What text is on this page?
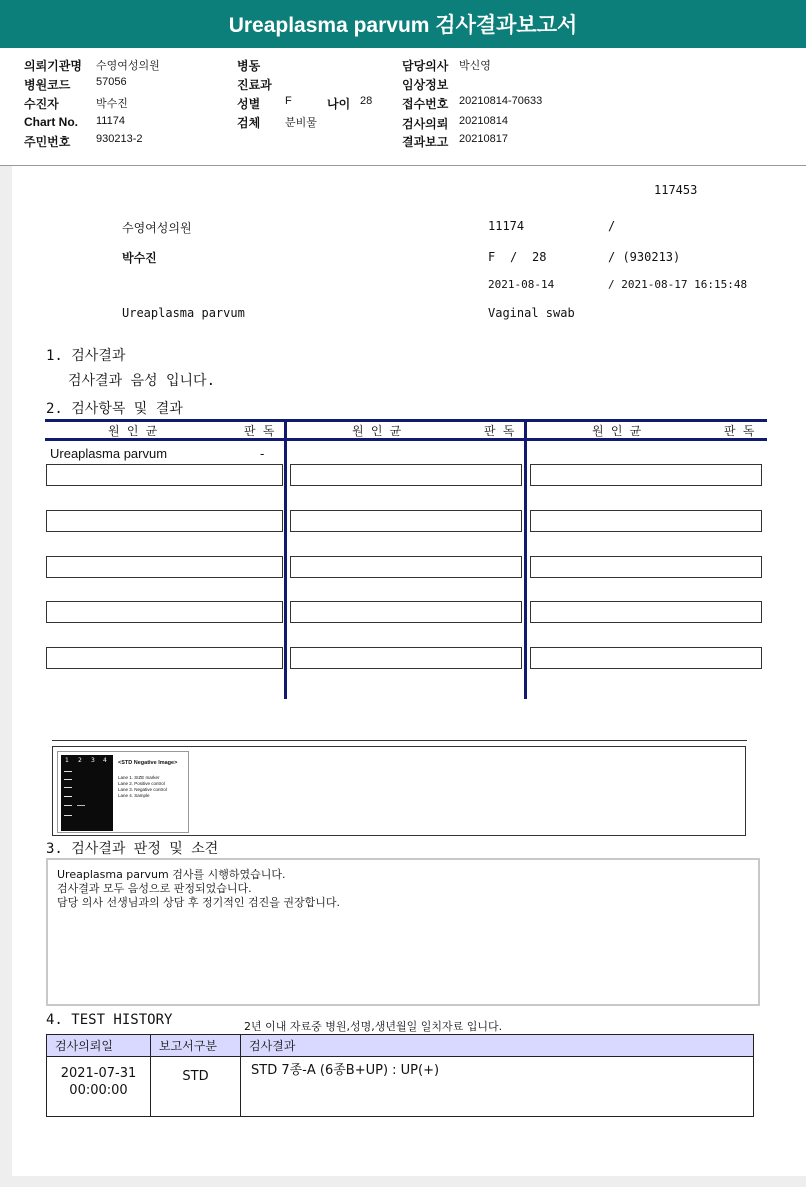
Ureaplasma parvum 검사결과보고서
의뢰기관명 수영여성의원
병원코드 57056
수진자	박수진
Chart No. 11174
주민번호 930213-2
병동
진료과
성별 F	나이 28
검체 분비물
담당의사 박신영
임상정보
접수번호 20210814-70633
검사의뢰 20210814
결과보고 20210817
117453
수영여성의원
박수진
Ureaplasma parvum
11174	/
F / 28	/ (930213)
2021-08-14	/ 2021-08-17 16:15:48
Vaginal swab
1. 검사결과
검사결과 음성 입니다.
2. 검사항목 및 결과
원 인 균	판 독	원 인 균	판 독	원 인 균	판 독
Ureaplasma parvum	-
1 2 3 4 <STD Negative Image>
Lane 1. SIZE marker
Lane 2. Positive control
Lane 3. Negative control
Lane 4. Sample
3. 검사결과 판정 및 소견
Ureaplasma parvum 검사를 시행하였습니다.
검사결과 모두 음성으로 판정되었습니다.
담당 의사 선생님과의 상담 후 정기적인 검진을 권장합니다.
4. TEST HISTORY	2년 이내 자료중 병원,성명,생년월일 일치자료 입니다.
검사의뢰일	보고서구분	검사결과

2021-07-31
00:00:00	STD	STD 7종-A (6종B+UP) : UP(+)
